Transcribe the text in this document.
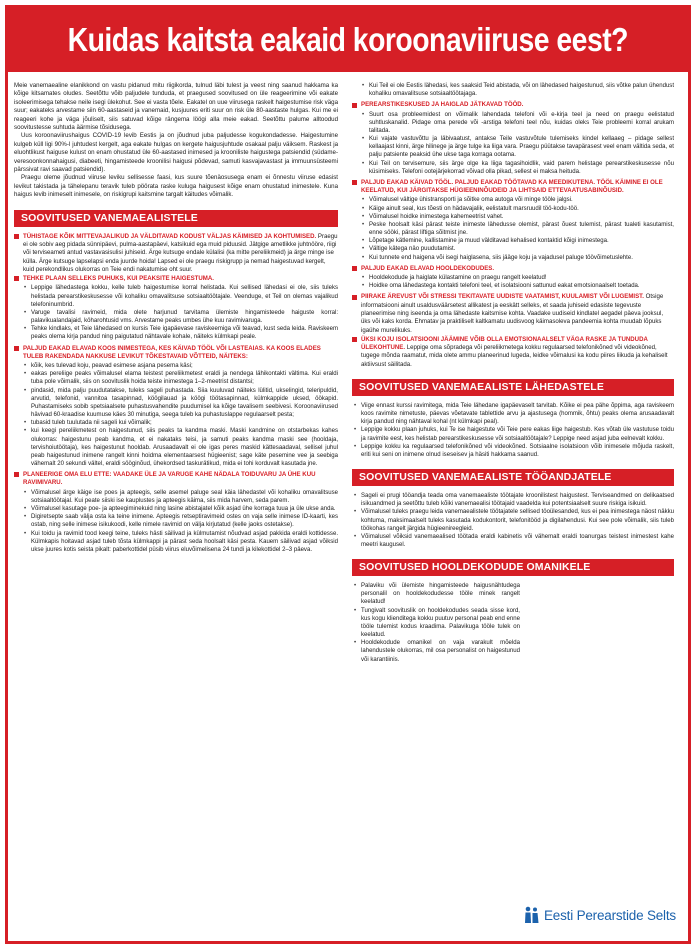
Kuidas kaitsta eakaid koroonaviiruse eest?

Meie vanemaealine elanikkond on vastu pidanud mitu riigikorda, tulnud läbi tulest ja veest ning saanud hakkama ka kõige kitsamates oludes. Seetõttu võib paljudele tunduda, et praegused soovitused on üle reageerimine või eakate isoleerimisega tehakse neile isegi ülekohut. See ei vasta tõele. Eakatel on uue viirusega raskelt haigestumise risk väga suur; eakateks arvestame siin 60-aastaseid ja vanemaid, kusjuures eriti suur on risk üle 80-aastaste hulgas. Kui me ei reageeri kohe ja väga jõuliselt, siis satuvad kõige rängema löögi alla meie eakad. Seetõttu palume alltoodud soovitustesse suhtuda äärmise tõsidusega.

Uus koroonaviirushaigus COVID-19 levib Eestis ja on jõudnud juba paljudesse kogukondadesse. Haigestumine kulgeb küll ligi 90%-l juhtudest kergelt, aga eakate hulgas on kergete haigusjuhtude osakaal palju väiksem. Raskest ja eluohtlikust haiguse kulust on enam ohustatud üle 60-aastased inimesed ja krooniliste haigustega patsiendid (südame-veresoonkonnahaigusi, diabeeti, hingamisteede kroonilisi haigusi põdevad, samuti kasvajavastast ja immuunsüsteemi pärssivat ravi saavad patsiendid).

Praegu oleme jõudnud viiruse leviku sellisesse faasi, kus suure tõenäosusega enam ei õnnestu viiruse edasist levikut takistada ja tähelepanu teravik tuleb pöörata raske kuluga haigusest kõige enam ohustatud inimestele. Kuna haigus levib inimeselt inimesele, on riskigrupi kaitsmine targalt käitudes võimalik.

SOOVITUSED VANEMAEALISTELE
TÜHISTAGE KÕIK MITTEVAJALIKUD JA VÄLDITAVAD KODUST VÄLJAS KÄIMISED JA KOHTUMISED. Praegu ei ole sobiv aeg pidada sünnipäevi, pulma-aastapäevi, katsikuid ega muid piduusid. Jätgige ametlikke juhtnööre, riigi või terviseameti antud vastavasisulisi juhiseid. Ärge kutsuge endale külalisi (ka mitte pereliikmeid) ja ärge minge ise külla. Ärge kutsuge lapselapsi enda juurde hoida! Lapsed ei ole praegu riskigrupp ja nemad haigestuvad kergelt, kuid perekondlikus olukorras on Teie endi nakatumise oht suur.
TEHKE PLAAN SELLEKS PUHUKS, KUI PEAKSITE HAIGESTUMA.
• Leppige lähedastega kokku, kelle tuleb haigestumise korral helistada. Kui sellised lähedasi ei ole, siis tuleks helistada perearstikeskusesse või kohaliku omavalitsuse sotsiaaltöötajale. Veenduge, et Teil on olemas vajalikud telefoninumbrid.
• Varuge tavalisi ravimeid, mida olete harjunud tarvitama ülemiste hingamisteede haiguste korral: palavikualandajaid, köharohtusid vms. Arvestame peaks umbes ühe kuu ravimivaruga.
• Tehke kindlaks, et Teie lähedased on kursis Teie igapäevase raviskeemiga või teavad, kust seda leida. Raviskeem peaks olema kirja pandud ning paigutatud nähtavale kohale, näiteks külmkapi peale.
PALJUD EAKAD ELAVAD KOOS INIMESTEGA, KES KÄIVAD TÖÖL VÕI LASTEAIAS. KA KOOS ELADES TULEB RAKENDADA NAKKUSE LEVIKUT TÕKESTAVAID VÕTTEID, NÄITEKS:
• kõik, kes tulevad koju, peavad esimese asjana pesema käsi;
• eakas pereliige peaks võimalusel elama teistest pereliikmetest eraldi ja nendega lähikontakti vältima. Kui eraldi tuba pole võimalik, siis on soovituslik hoida teiste inimestega 1–2-meetrist distantsi;
• pindasid, mida palju puudutatakse, tuleks sageli puhastada. Siia kuuluvad näiteks lülitid, ukselingid, teleripuldid, arvutid, telefonid, vannitoa tasapinnad, köögilauad ja köögi töötasapinnad, külmkappide uksed, öökapid. Puhastamiseks sobib spetsiaalsete puhastusvahendite puudumisel ka kõige tavalisem seebivesi. Koroonaviirused hävivad 60-kraadise kuumuse käes 30 minutiga, seega tuleb ka puhastuslappe regulaarselt pesta;
• tubasid tuleb tuulutada nii sageli kui võimalik;
• kui keegi pereliikmetest on haigestunud, siis peaks ta kandma maski. Maski kandmine on otstarbekas kahes olukorras: haigestunu peab kandma, et ei nakataks teisi, ja samuti peaks kandma maski see (hooldaja, tervishoiutöötaja), kes haigestunut hooldab. Arusaadavalt ei ole igas peres maskid kättesaadaval, sellisel juhul peab haigestunud inimene rangelt kinni hoidma elementaarsest hügieenist; sage käte pesemine vee ja seebiga vähemalt 20 sekundi vältel, eraldi sööginõud, ühekordsed taskurätikud, mida ei tohi korduvalt kasutada jne.
PLANEERIGE OMA ELU ETTE: VAADAKE ÜLE JA VARUGE KAHE NÄDALA TOIDUVARU JA ÜHE KUU RAVIMIVARU.
• Võimalusel ärge käige ise poes ja apteegis, selle asemel paluge seal käia lähedastel või kohaliku omavalitsuse sotsiaaltöötajal. Kui peate siiski ise kauplustes ja apteegis käima, siis mida harvem, seda parem.
• Võimalusel kasutage poe- ja apteegiminekuid ning lasine abistajatel kõik asjad ühe korraga tuua ja üle ukse anda.
• Digiretsepte saab välja osta ka teine inimene. Apteegis retseptiravimeid ostes on vaja selle inimese ID-kaarti, kes ostab, ning selle inimese isikukoodi, kelle nimele ravimid on välja kirjutatud (kelle jaoks ostetakse).
• Kui toidu ja ravimid tood keegi teine, tuleks hästi säilivad ja külmutamist nõudvad asjad pakkida eraldi kottidesse. Külmkapis hoitavad asjad tuleb tõsta külmkappi ja pärast seda hoolsalt käsi pesta. Kauem säilivad asjad võiksid ukse juures kotis seista pikalt: paberkottidel püsib viirus eluvõimelisena 24 tundi ja kilekottidel 2–3 päeva.
• Kui Teil ei ole Eestis lähedasi, kes saaksid Teid abistada, või on lähedased haigestunud, siis võtke palun ühendust kohaliku omavalitsuse sotsiaaltöötajaga.
PEREARSTIKESKUSED JA HAIGLAD JÄTKAVAD TÖÖD.
• Suurt osa probleemidest on võimalik lahendada telefoni või e-kirja teel ja need on praegu eelistatud suhtluskanalid. Pidage oma perede või -arstiga telefoni teel nõu, kuidas oleks Teie probleemi korral arukam talitada.
• Kui vajate vastuvõttu ja läbivaatust, antakse Teile vastuvõtule tulemiseks kindel kellaaeg – pidage sellest kellaajast kinni, ärge hilinege ja ärge tulge ka liiga vara. Praegu püütakse tavapärasest veel enam vältida seda, et palju patsiente peaksid ühe ukse taga korraga ootama.
• Kui Teil on tervisemure, siis ärge olge ka liiga tagasihoidlik, vaid parem helistage perearstikeskusesse nõu küsimiseks. Telefoni ootejärjekorrad võivad olla pikad, sellest ei maksa heituda.
PALJUD EAKAD KÄIVAD TÖÖL. PALJUD EAKAD TÖÖTAVAD KA MEEDIKUTENA. TÖÖL KÄIMINE EI OLE KEELATUD, KUI JÄRGITAKSE HÜGIEENINÕUDEID JA LIHTSAID ETTEVAATUSABINÕUSID.
• Võimalusel vältige ühistransporti ja sõitke oma autoga või minge tööle jalgsi.
• Käige ainult seal, kus tõesti on hädavajalik, eelistatult marsruudil töö-kodu-töö.
• Võimalusel hoidke inimestega kahemeetrist vahet.
• Peske hoolsalt käsi pärast teiste inimeste lähedusse olemist, pärast õuest tulemist, pärast tualeti kasutamist, enne sööki, pärast liftiga sõitmist jne.
• Lõpetage kätlemine, kallistamine ja muud välditavad kehalised kontaktid kõigi inimestega.
• Vältige kätega näo puudutamist.
• Kui tunnete end haigena või isegi haiglasena, siis jääge koju ja vajadusel paluge töövõimetuslehte.
PALJUD EAKAD ELAVAD HOOLDEKODUDES.
• Hooldekodude ja haiglate külastamine on praegu rangelt keelatud!
• Hoidke oma lähedastega kontakti telefoni teel, et isolatsiooni sattunud eakat emotsionaalselt toetada.
PIIRAKE ÄREVUST VÕI STRESSI TEKITAVATE UUDISTE VAATAMIST, KUULAMIST VÕI LUGEMIST. Otsige informatsiooni ainult usaldusväärsetest allikatest ja eeskätt selleks, et saada juhiseid edasiste tegevuste planeerimise ning iseenda ja oma lähedaste kaitsmise kohta. Vaadake uudiseid kindlatel aegadel päeva jooksul, üks või kaks korda. Ehmatav ja praktiliselt kaltkamatu uudisvoog käimasoleva pandeemia kohta muudab lõpuks igaühe murelikuks.
ÜKSI KOJU ISOLATSIOONI JÄÄMINE VÕIB OLLA EMOTSIONAALSELT VÄGA RASKE JA TUNDUDA ÜLEKOHTUNE. Leppige oma sõpradega või pereliikmetega kokku regulaarsed telefonikõned või videokõned, tugege mõnda raamatut, mida olete ammu planeerinud lugeda, leidke võimalusi ka kodu piires liikuda ja kehaliselt aktiivsust säilitada.
SOOVITUSED VANEMAEALISTE LÄHEDASTELE
• Viige ennast kurssi ravimitega, mida Teie lähedane igapäevaselt tarvitab. Kõike ei pea pähe õppima, aga raviskeem koos ravimite nimetuste, päevas võetavate tablettide arvu ja ajastusega (hommik, õhtu) peaks olema arusaadavalt kirja pandud ning nähtaval kohal (nt külmkapi peal).
• Leppige kokku plaan juhuks, kui Te ise haigestute või Teie pere eakas liige haigestub. Kes võtab üle vastutuse toidu ja ravimite eest, kes helistab perearstikeskusesse või sotsiaaltöötajale? Leppige need asjad juba eelnevalt kokku.
• Leppige kokku ka regulaarsed telefonikõned või videokõned. Sotsiaalne isolatsioon võib inimesele mõjuda raskelt, eriti kui seni on inimene olnud iseseisev ja häsiti hakkama saanud.
SOOVITUSED VANEMAEALISTE TÖÖANDJATELE
• Sageli ei prugi tööandja teada oma vanemaealiste töötajate kroonilistest haigustest. Terviseandmed on delikaatsed isikuandmed ja seetõttu tuleb kõiki vanemaealisi töötajaid vaadelda kui potentsiaalselt suure riskiga isikuid.
• Võimalusel tuleks praegu leida vanemaealistele töötajatele sellised töoülesanded, kus ei pea inimestega näost näkku kohtuma, maksimaalselt tuleks kasutada kodukontorit, telefonitööd ja digilahendusi. Kui see pole võimalik, siis tuleb töökohas rangelt järgida hügieenireegleid.
• Võimalusel võiksid vanemaealised töötada eraldi kabinetis või vähemalt eraldi toanurgas teistest inimestest kahe meetri kaugusel.
SOOVITUSED HOOLDEKODUDE OMANIKELE
• Palaviku või ülemiste hingamisteede haigusnähtudega personalil on hooldekodudesse tööle minek rangelt keelatud!
• Tungivalt soovituslik on hooldekodudes seada sisse kord, kus kogu klienditega kokku puutuv personal peab end enne tööle tulemist kodus kraadima. Palavikuga tööle tulek on keelatud.
• Hooldekodude omanikel on vaja varakult mõelda lahendustele olukorras, mil osa personalist on haigestunud või karantiinis.
Eesti Perearstide Selts
